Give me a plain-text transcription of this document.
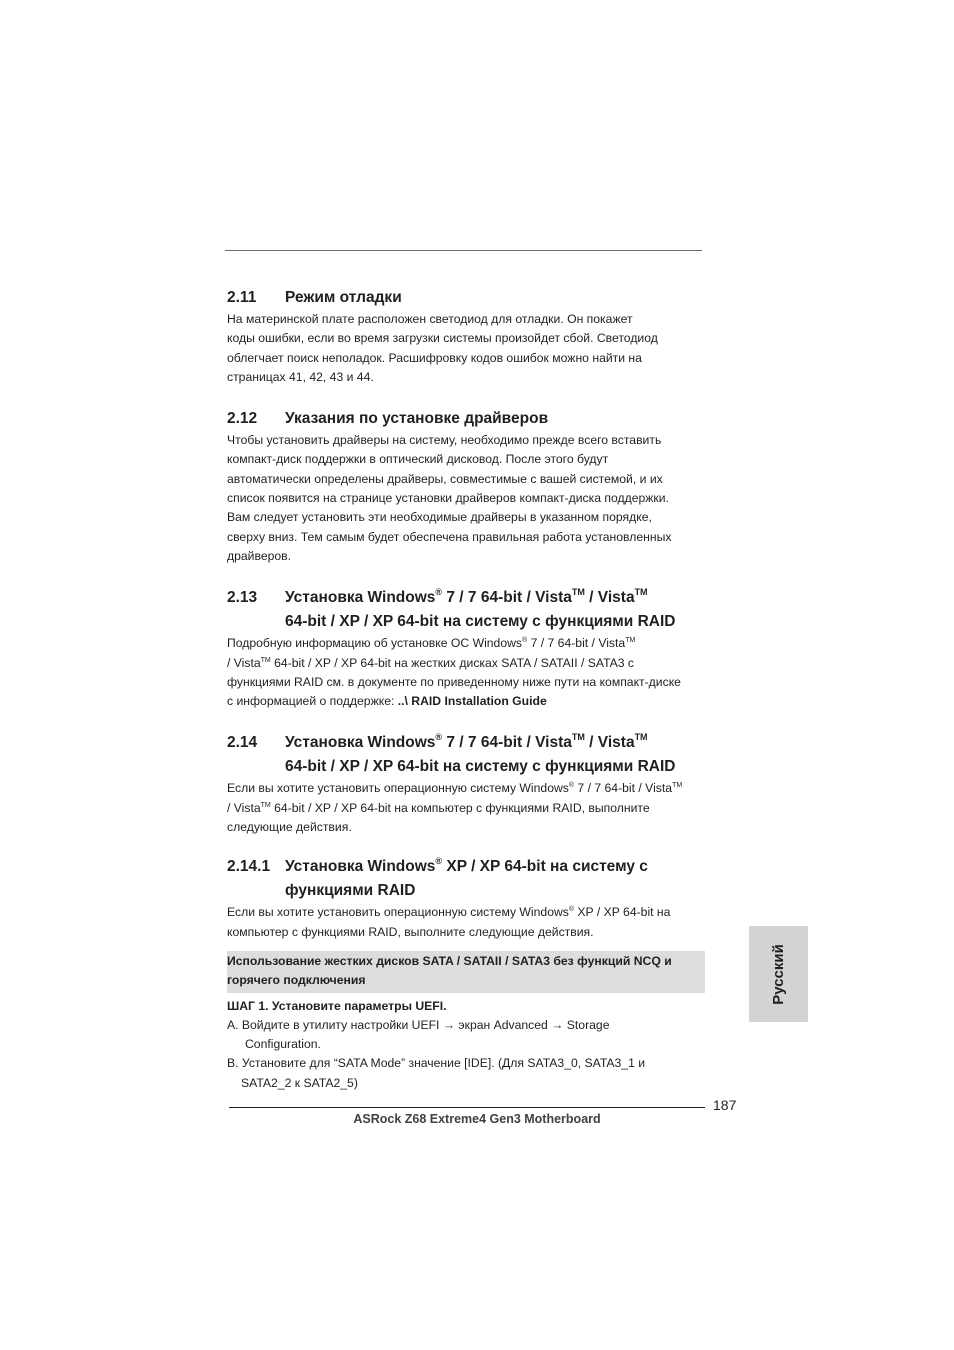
2.11	Режим отладки
На материнской плате расположен светодиод для отладки. Он покажет
коды ошибки, если во время загрузки системы произойдет сбой. Светодиод
облегчает поиск неполадок. Расшифровку кодов ошибок можно найти на
страницах 41, 42, 43 и 44.
2.12	Указания по установке драйверов
Чтобы установить драйверы на систему, необходимо прежде всего вставить
компакт-диск поддержки в оптический дисковод. После этого будут
автоматически определены драйверы, совместимые с вашей системой, и их
список появится на странице установки драйверов компакт-диска поддержки.
Вам следует установить эти необходимые драйверы в указанном порядке,
сверху вниз. Тем самым будет обеспечена правильная работа установленных
драйверов.
2.13	Установка Windows® 7 / 7 64-bit / Vista™ / Vista™
64-bit / XP / XP 64-bit на систему с функциями RAID
Подробную информацию об установке ОС Windows® 7 / 7 64-bit / Vista™
/ Vista™ 64-bit / XP / XP 64-bit на жестких дисках SATA / SATAII / SATA3 с
функциями RAID см. в документе по приведенному ниже пути на компакт-диске
с информацией о поддержке: ..\ RAID Installation Guide
2.14	Установка Windows® 7 / 7 64-bit / Vista™ / Vista™
64-bit / XP / XP 64-bit на систему с функциями RAID
Если вы хотите установить операционную систему Windows® 7 / 7 64-bit / Vista™
/ Vista™ 64-bit / XP / XP 64-bit на компьютер с функциями RAID, выполните
следующие действия.
2.14.1 Установка Windows® XP / XP 64-bit на систему с
функциями RAID
Если вы хотите установить операционную систему Windows® XP / XP 64-bit на
компьютер с функциями RAID, выполните следующие действия.
Использование жестких дисков SATA / SATAII / SATA3 без функций NCQ и
горячего подключения
ШАГ 1. Установите параметры UEFI.
A. Войдите в утилиту настройки UEFI → экран Advanced → Storage
Configuration.
B. Установите для “SATA Mode” значение [IDE]. (Для SATA3_0, SATA3_1 и
SATA2_2 к SATA2_5)
Русский
187
ASRock Z68 Extreme4 Gen3 Motherboard
